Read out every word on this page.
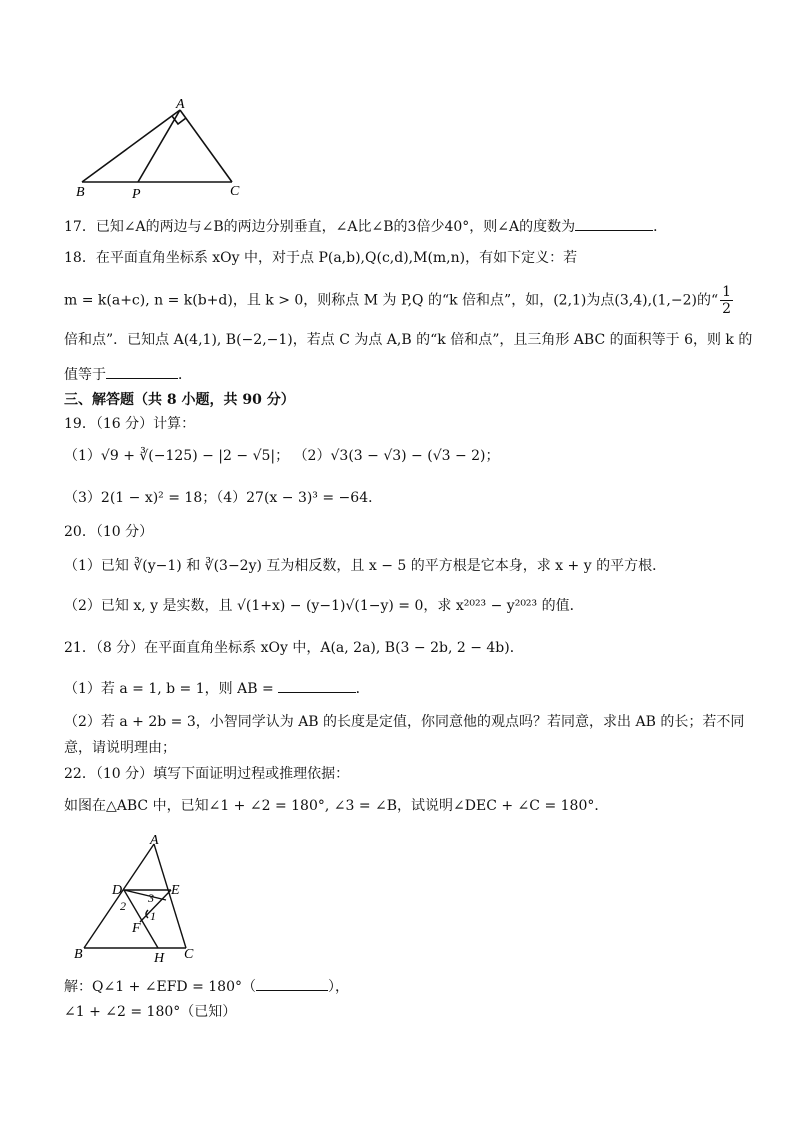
A
B	P	C
17．已知∠A的两边与∠B的两边分别垂直，∠A比∠B的3倍少40°，则∠A的度数为	．
18．在平面直角坐标系 xOy 中，对于点 P(a,b),Q(c,d),M(m,n)，有如下定义：若
m = k(a+c), n = k(b+d)，且 k > 0，则称点 M 为 P,Q 的“k 倍和点”，如，(2,1)为点(3,4),(1,−2)的“ $\frac{1}{2}$
倍和点”．已知点 A(4,1), B(−2,−1)，若点 C 为点 A,B 的“k 倍和点”，且三角形 ABC 的面积等于 6，则 k 的
值等于	．
三、解答题（共 8 小题，共 90 分）
19．（16 分）计算：
（1）√9 + ∛(−125) − |2 − √5|； （2）√3(3 − √3) − (√3 − 2)；
（3）2(1 − x)² = 18；（4）27(x − 3)³ = −64．
20．（10 分）
（1）已知 ∛(y−1) 和 ∛(3−2y) 互为相反数，且 x − 5 的平方根是它本身，求 x + y 的平方根．
（2）已知 x, y 是实数，且 √(1+x) − (y−1)√(1−y) = 0，求 x²⁰²³ − y²⁰²³ 的值．
21．（8 分）在平面直角坐标系 xOy 中，A(a, 2a), B(3 − 2b, 2 − 4b)．
（1）若 a = 1, b = 1，则 AB =	．
（2）若 a + 2b = 3，小智同学认为 AB 的长度是定值，你同意他的观点吗？若同意，求出 AB 的长；若不同
意，请说明理由；
22．（10 分）填写下面证明过程或推理依据：
如图在△ABC 中，已知∠1 + ∠2 = 180°, ∠3 = ∠B，试说明∠DEC + ∠C = 180°．
A
D	E
F
B	H C
1
2
3
解：Q∠1 + ∠EFD = 180°（	），
∠1 + ∠2 = 180°（已知）
